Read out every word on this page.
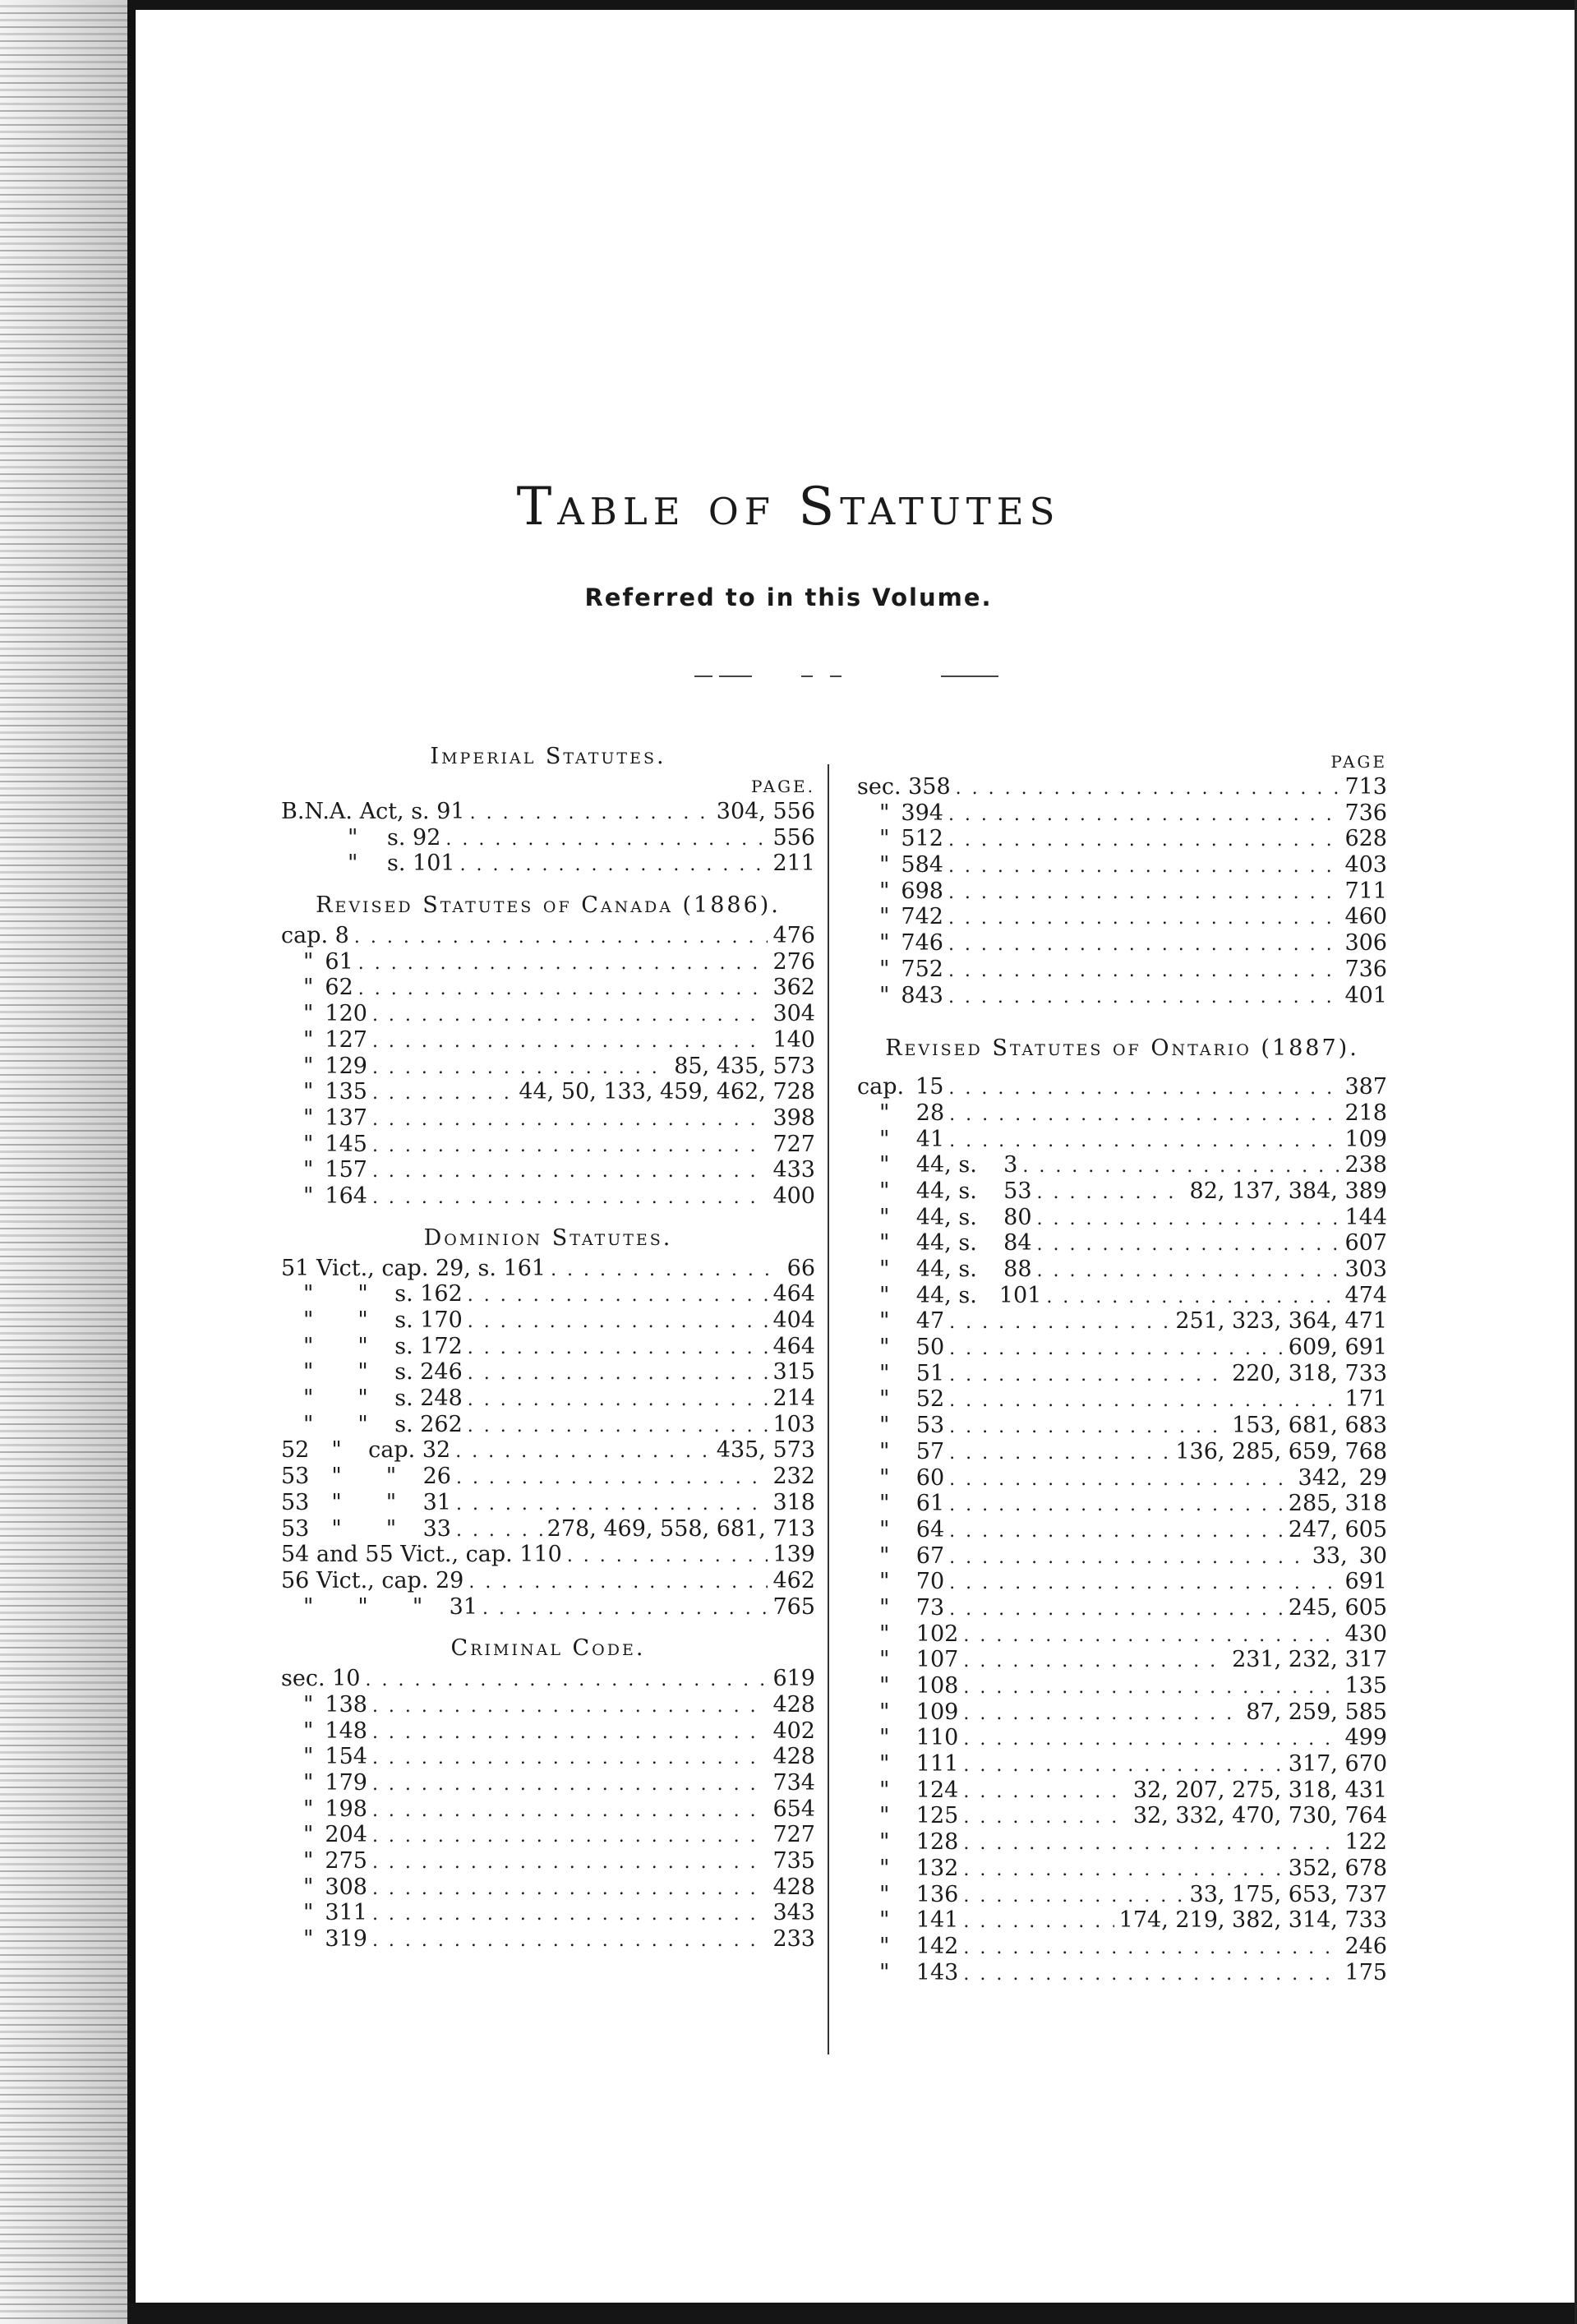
Table of Statutes
Referred to in this Volume.
Imperial Statutes.
PAGE.
B.N.A. Act, s. 91 . . .	304, 556
   "  s. 92 . . .	556
   "  s. 101 . . .	211
Revised Statutes of Canada (1886).
cap. 8 . . .	476
 "  61 . . .	276
 "  62 . . .	362
 "  120 . . .	304
 "  127 . . .	140
 "  129 . . .	85, 435, 573
 "  135 . . .	44, 50, 133, 459, 462, 728
 "  137 . . .	398
 "  145 . . .	727
 "  157 . . .	433
 "  164 . . .	400
Dominion Statutes.
51 Vict., cap. 29, s. 161 . . .	66
 "  "  s. 162 . . .	464
 "  "  s. 170 . . .	404
 "  "  s. 172 . . .	464
 "  "  s. 246 . . .	315
 "  "  s. 248 . . .	214
 "  "  s. 262 . . .	103
52 "  cap. 32 . . .	435, 573
53 "  "  26 . . .	232
53 "  "  31 . . .	318
53 "  "  33 . . .	278, 469, 558, 681, 713
54 and 55 Vict., cap. 110 . . .	139
56 Vict., cap. 29 . . .	462
 "  "  "  31 . . .	765
Criminal Code.
sec. 10 . . .	619
 "  138 . . .	428
 "  148 . . .	402
 "  154 . . .	428
 "  179 . . .	734
 "  198 . . .	654
 "  204 . . .	727
 "  275 . . .	735
 "  308 . . .	428
 "  311 . . .	343
 "  319 . . .	233
PAGE
sec. 358 . . .	713
 "  394 . . .	736
 "  512 . . .	628
 "  584 . . .	403
 "  698 . . .	711
 "  742 . . .	460
 "  746 . . .	306
 "  752 . . .	736
 "  843 . . .	401
Revised Statutes of Ontario (1887).
cap.  15 . . .	387
 "  28 . . .	218
 "  41 . . .	109
 "  44, s.  3 . . .	238
 "  44, s.  53 . . .	82, 137, 384, 389
 "  44, s.  80 . . .	144
 "  44, s.  84 . . .	607
 "  44, s.  88 . . .	303
 "  44, s. 101 . . .	474
 "  47 . . .	251, 323, 364, 471
 "  50 . . .	609, 691
 "  51 . . .	220, 318, 733
 "  52 . . .	171
 "  53 . . .	153, 681, 683
 "  57 . . .	136, 285, 659, 768
 "  60 . . .	342,  29
 "  61 . . .	285, 318
 "  64 . . .	247, 605
 "  67 . . .	33,  30
 "  70 . . .	691
 "  73 . . .	245, 605
 "  102 . . .	430
 "  107 . . .	231, 232, 317
 "  108 . . .	135
 "  109 . . .	87, 259, 585
 "  110 . . .	499
 "  111 . . .	317, 670
 "  124 . . .	32, 207, 275, 318, 431
 "  125 . . .	32, 332, 470, 730, 764
 "  128 . . .	122
 "  132 . . .	352, 678
 "  136 . . .	33, 175, 653, 737
 "  141 . . .	174, 219, 382, 314, 733
 "  142 . . .	246
 "  143 . . .	175
